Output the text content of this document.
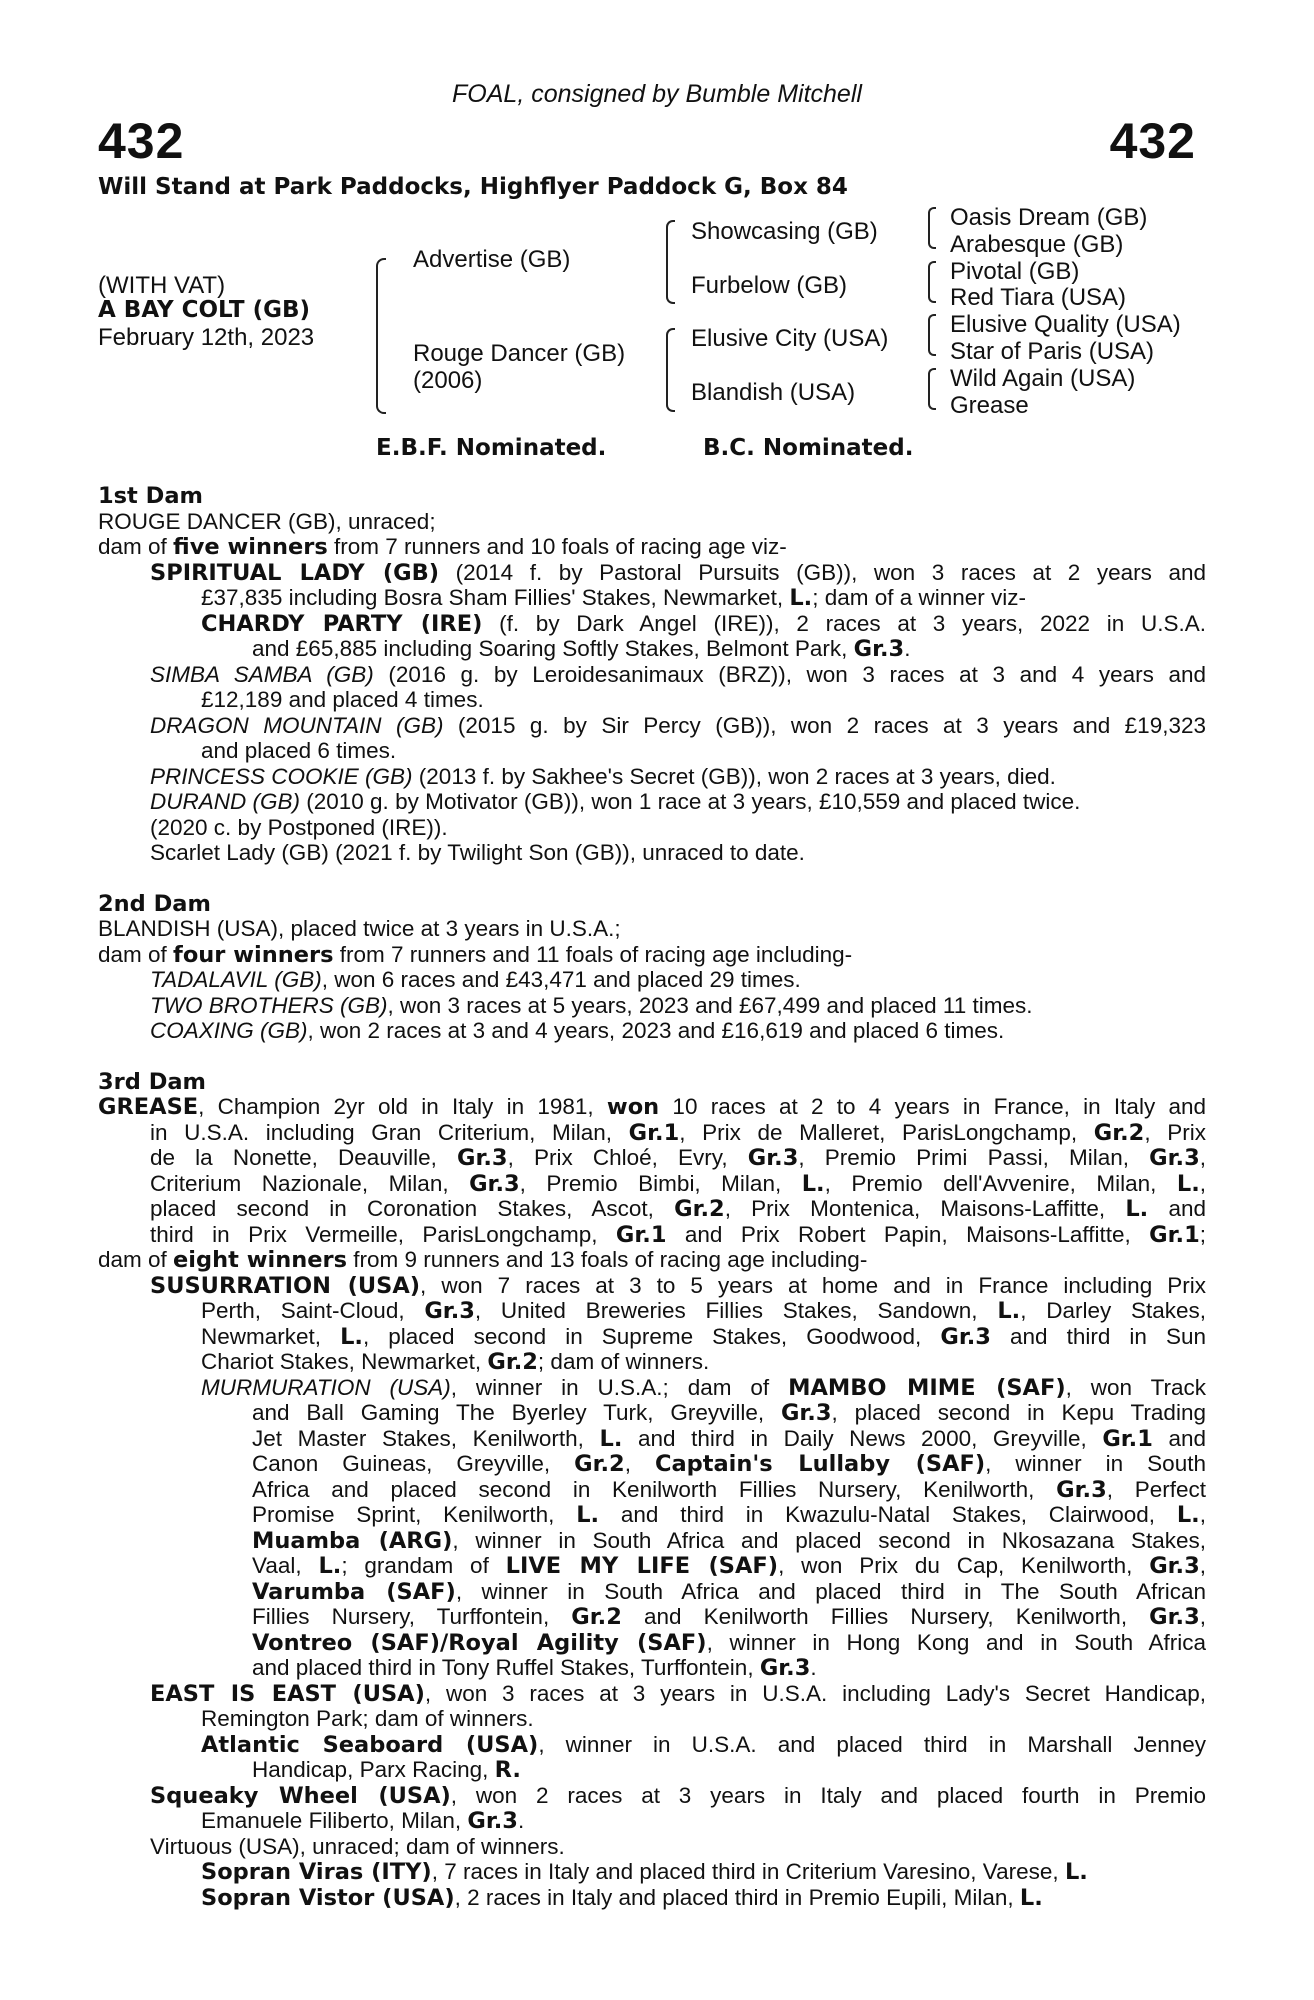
FOAL, consigned by Bumble Mitchell
432	432
Will Stand at Park Paddocks, Highflyer Paddock G, Box 84
(WITH VAT)
A BAY COLT (GB)
February 12th, 2023
Advertise (GB)
Rouge Dancer (GB)
(2006)
Showcasing (GB)
Furbelow (GB)
Elusive City (USA)
Blandish (USA)
Oasis Dream (GB)
Arabesque (GB)
Pivotal (GB)
Red Tiara (USA)
Elusive Quality (USA)
Star of Paris (USA)
Wild Again (USA)
Grease
E.B.F. Nominated.	B.C. Nominated.
1st Dam
ROUGE DANCER (GB), unraced;
dam of five winners from 7 runners and 10 foals of racing age viz-
SPIRITUAL LADY (GB) (2014 f. by Pastoral Pursuits (GB)), won 3 races at 2 years and
£37,835 including Bosra Sham Fillies' Stakes, Newmarket, L.; dam of a winner viz-
CHARDY PARTY (IRE) (f. by Dark Angel (IRE)), 2 races at 3 years, 2022 in U.S.A.
and £65,885 including Soaring Softly Stakes, Belmont Park, Gr.3.
SIMBA SAMBA (GB) (2016 g. by Leroidesanimaux (BRZ)), won 3 races at 3 and 4 years and
£12,189 and placed 4 times.
DRAGON MOUNTAIN (GB) (2015 g. by Sir Percy (GB)), won 2 races at 3 years and £19,323
and placed 6 times.
PRINCESS COOKIE (GB) (2013 f. by Sakhee's Secret (GB)), won 2 races at 3 years, died.
DURAND (GB) (2010 g. by Motivator (GB)), won 1 race at 3 years, £10,559 and placed twice.
(2020 c. by Postponed (IRE)).
Scarlet Lady (GB) (2021 f. by Twilight Son (GB)), unraced to date.
2nd Dam
BLANDISH (USA), placed twice at 3 years in U.S.A.;
dam of four winners from 7 runners and 11 foals of racing age including-
TADALAVIL (GB), won 6 races and £43,471 and placed 29 times.
TWO BROTHERS (GB), won 3 races at 5 years, 2023 and £67,499 and placed 11 times.
COAXING (GB), won 2 races at 3 and 4 years, 2023 and £16,619 and placed 6 times.
3rd Dam
GREASE, Champion 2yr old in Italy in 1981, won 10 races at 2 to 4 years in France, in Italy and
in U.S.A. including Gran Criterium, Milan, Gr.1, Prix de Malleret, ParisLongchamp, Gr.2, Prix
de la Nonette, Deauville, Gr.3, Prix Chloé, Evry, Gr.3, Premio Primi Passi, Milan, Gr.3,
Criterium Nazionale, Milan, Gr.3, Premio Bimbi, Milan, L., Premio dell'Avvenire, Milan, L.,
placed second in Coronation Stakes, Ascot, Gr.2, Prix Montenica, Maisons-Laffitte, L. and
third in Prix Vermeille, ParisLongchamp, Gr.1 and Prix Robert Papin, Maisons-Laffitte, Gr.1;
dam of eight winners from 9 runners and 13 foals of racing age including-
SUSURRATION (USA), won 7 races at 3 to 5 years at home and in France including Prix
Perth, Saint-Cloud, Gr.3, United Breweries Fillies Stakes, Sandown, L., Darley Stakes,
Newmarket, L., placed second in Supreme Stakes, Goodwood, Gr.3 and third in Sun
Chariot Stakes, Newmarket, Gr.2; dam of winners.
MURMURATION (USA), winner in U.S.A.; dam of MAMBO MIME (SAF), won Track
and Ball Gaming The Byerley Turk, Greyville, Gr.3, placed second in Kepu Trading
Jet Master Stakes, Kenilworth, L. and third in Daily News 2000, Greyville, Gr.1 and
Canon Guineas, Greyville, Gr.2, Captain's Lullaby (SAF), winner in South
Africa and placed second in Kenilworth Fillies Nursery, Kenilworth, Gr.3, Perfect
Promise Sprint, Kenilworth, L. and third in Kwazulu-Natal Stakes, Clairwood, L.,
Muamba (ARG), winner in South Africa and placed second in Nkosazana Stakes,
Vaal, L.; grandam of LIVE MY LIFE (SAF), won Prix du Cap, Kenilworth, Gr.3,
Varumba (SAF), winner in South Africa and placed third in The South African
Fillies Nursery, Turffontein, Gr.2 and Kenilworth Fillies Nursery, Kenilworth, Gr.3,
Vontreo (SAF)/Royal Agility (SAF), winner in Hong Kong and in South Africa
and placed third in Tony Ruffel Stakes, Turffontein, Gr.3.
EAST IS EAST (USA), won 3 races at 3 years in U.S.A. including Lady's Secret Handicap,
Remington Park; dam of winners.
Atlantic Seaboard (USA), winner in U.S.A. and placed third in Marshall Jenney
Handicap, Parx Racing, R.
Squeaky Wheel (USA), won 2 races at 3 years in Italy and placed fourth in Premio
Emanuele Filiberto, Milan, Gr.3.
Virtuous (USA), unraced; dam of winners.
Sopran Viras (ITY), 7 races in Italy and placed third in Criterium Varesino, Varese, L.
Sopran Vistor (USA), 2 races in Italy and placed third in Premio Eupili, Milan, L.
